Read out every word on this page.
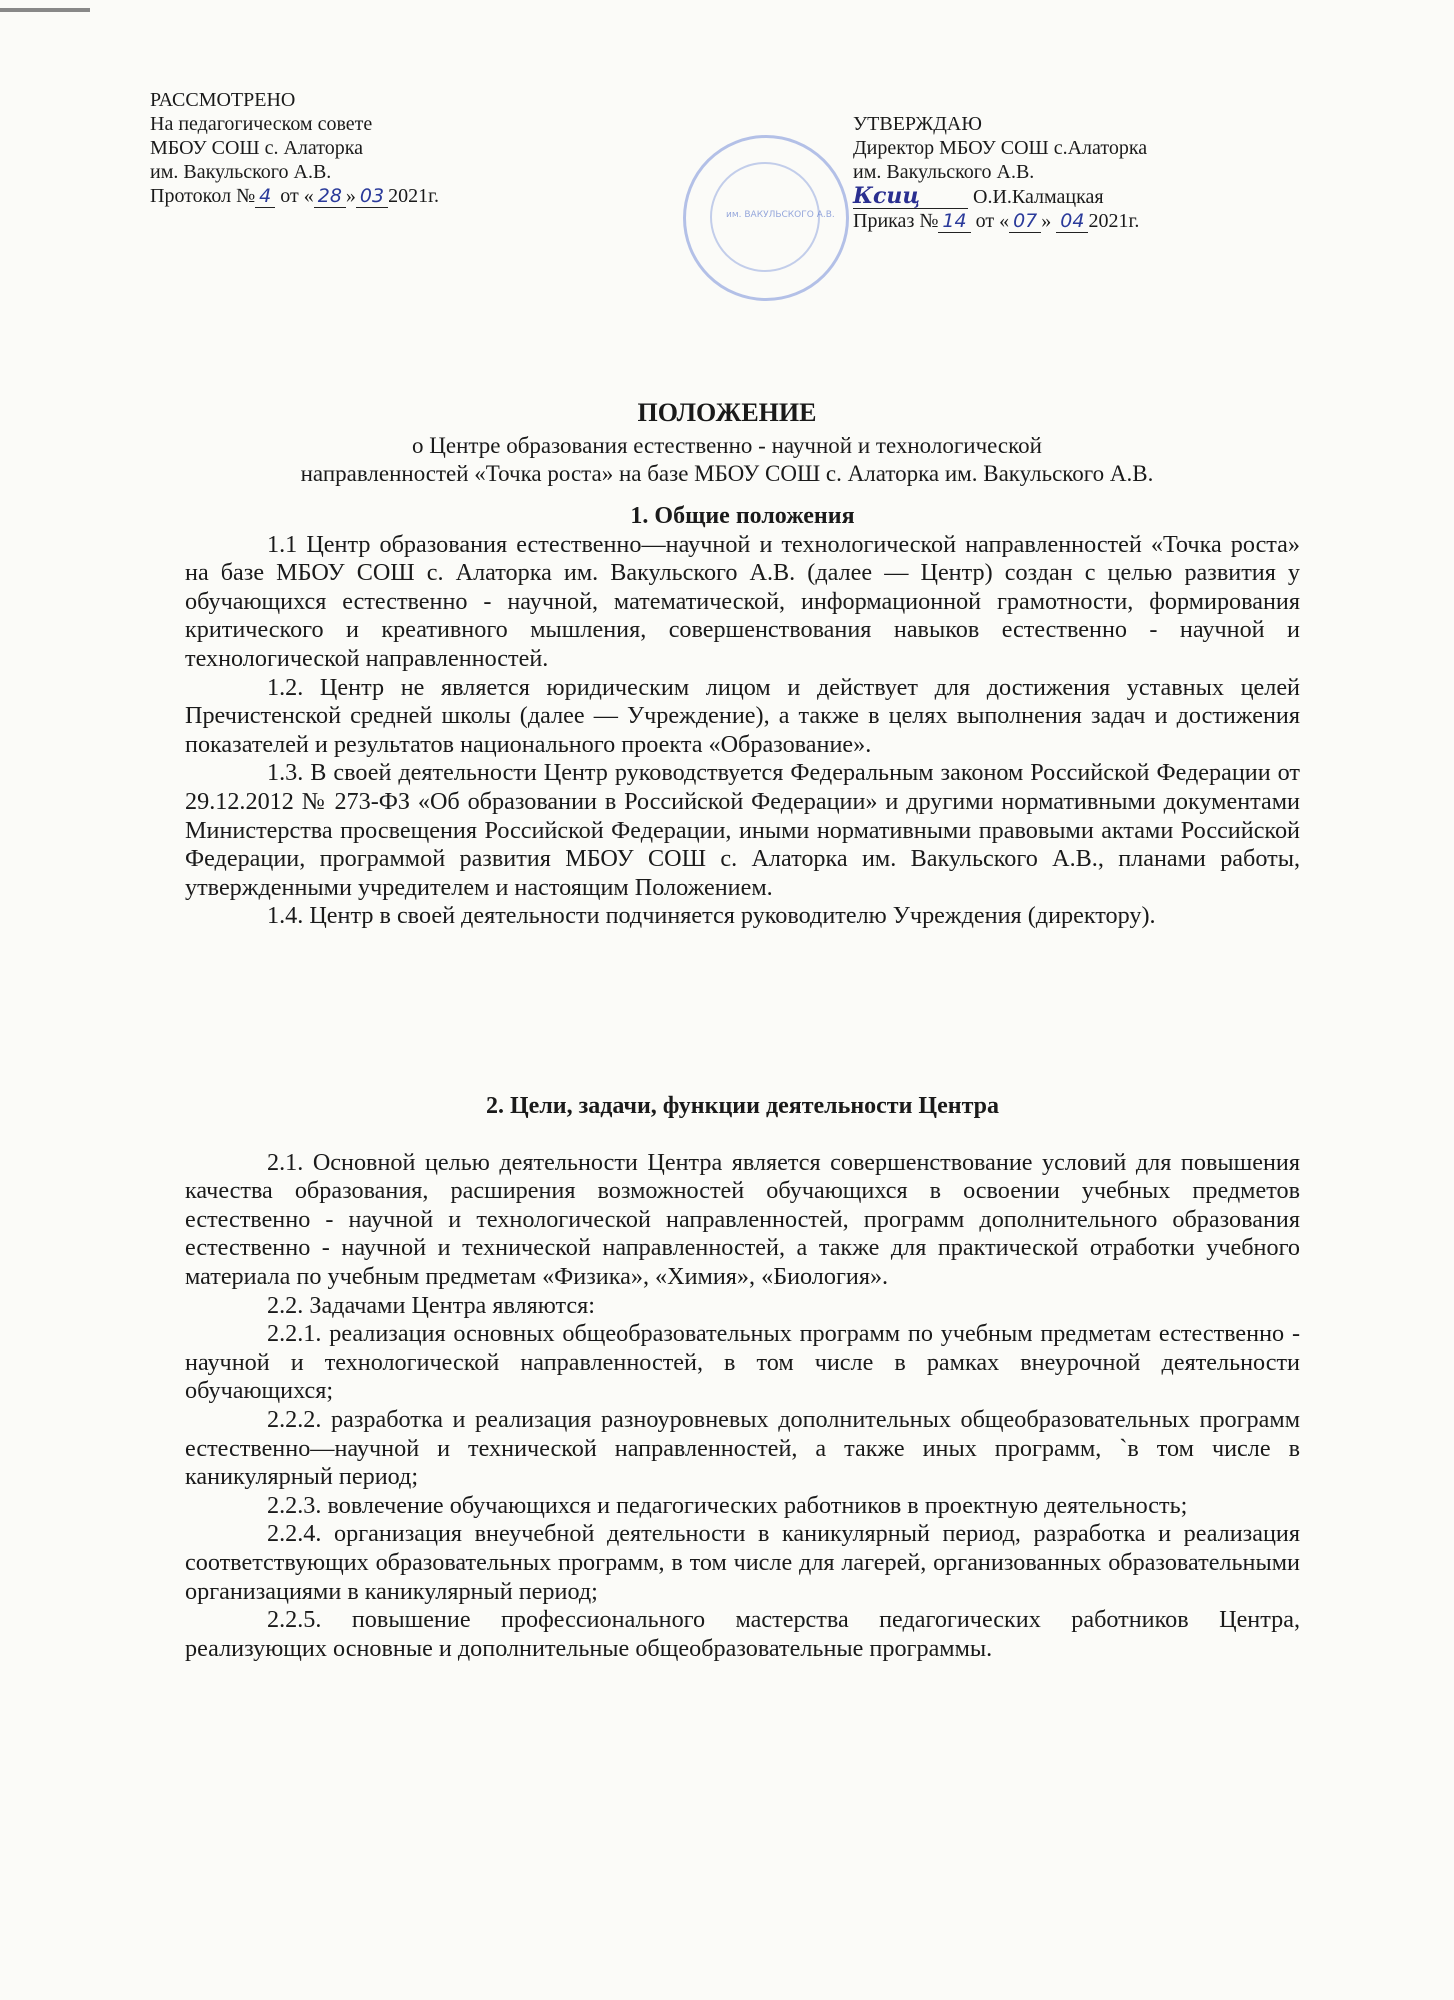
РАССМОТРЕНО
На педагогическом совете
МБОУ СОШ с. Алаторка
им. Вакульского А.В.
Протокол № 4 от « 28 » 03 2021г.
им. ВАКУЛЬСКОГО А.В.
УТВЕРЖДАЮ
Директор МБОУ СОШ с.Алаторка
им. Вакульского А.В.
Ксиц О.И.Калмацкая
Приказ № 14 от « 07 » 04 2021г.
ПОЛОЖЕНИЕ
о Центре образования естественно - научной и технологической
направленностей «Точка роста» на базе МБОУ СОШ с. Алаторка им. Вакульского А.В.
1. Общие положения

1.1 Центр образования естественно—научной и технологической направленностей «Точка роста» на базе МБОУ СОШ с. Алаторка им. Вакульского А.В. (далее — Центр) создан с целью развития у обучающихся естественно - научной, математической, информационной грамотности, формирования критического и креативного мышления, совершенствования навыков естественно - научной и технологической направленностей.

1.2. Центр не является юридическим лицом и действует для достижения уставных целей Пречистенской средней школы (далее — Учреждение), а также в целях выполнения задач и достижения показателей и результатов национального проекта «Образование».

1.3. В своей деятельности Центр руководствуется Федеральным законом Российской Федерации от 29.12.2012 № 273-ФЗ «Об образовании в Российской Федерации» и другими нормативными документами Министерства просвещения Российской Федерации, иными нормативными правовыми актами Российской Федерации, программой развития МБОУ СОШ с. Алаторка им. Вакульского А.В., планами работы, утвержденными учредителем и настоящим Положением.

1.4. Центр в своей деятельности подчиняется руководителю Учреждения (директору).

2. Цели, задачи, функции деятельности Центра

2.1. Основной целью деятельности Центра является совершенствование условий для повышения качества образования, расширения возможностей обучающихся в освоении учебных предметов естественно - научной и технологической направленностей, программ дополнительного образования естественно - научной и технической направленностей, а также для практической отработки учебного материала по учебным предметам «Физика», «Химия», «Биология».

2.2. Задачами Центра являются:

2.2.1. реализация основных общеобразовательных программ по учебным предметам естественно - научной и технологической направленностей, в том числе в рамках внеурочной деятельности обучающихся;

2.2.2. разработка и реализация разноуровневых дополнительных общеобразовательных программ естественно—научной и технической направленностей, а также иных программ, `в том числе в каникулярный период;

2.2.3. вовлечение обучающихся и педагогических работников в проектную деятельность;

2.2.4. организация внеучебной деятельности в каникулярный период, разработка и реализация соответствующих образовательных программ, в том числе для лагерей, организованных образовательными организациями в каникулярный период;

2.2.5. повышение профессионального мастерства педагогических работников Центра, реализующих основные и дополнительные общеобразовательные программы.
